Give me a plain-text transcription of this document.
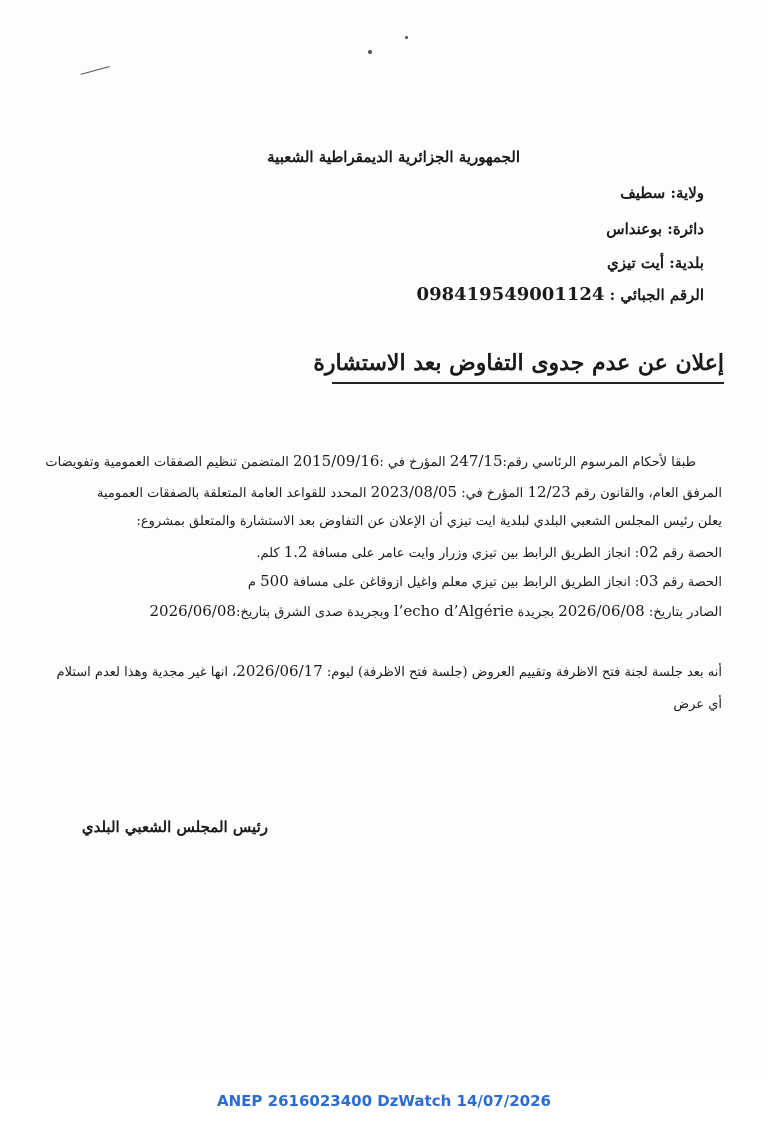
الجمهورية الجزائرية الديمقراطية الشعبية
ولاية: سطيف
دائرة: بوعنداس
بلدية: أيت تيزي
الرقم الجبائي : 098419549001124
إعلان عن عدم جدوى التفاوض بعد الاستشارة
طبقا لأحكام المرسوم الرئاسي رقم:247/15 المؤرخ في :2015/09/16 المتضمن تنظيم الصفقات العمومية وتفويضات
المرفق العام، والقانون رقم 12/23 المؤرخ في: 2023/08/05 المحدد للقواعد العامة المتعلقة بالصفقات العمومية
يعلن رئيس المجلس الشعبي البلدي لبلدية ايت تيزي أن الإعلان عن التفاوض بعد الاستشارة والمتعلق بمشروع:
الحصة رقم 02: انجاز الطريق الرابط بين تيزي وزرار وايت عامر على مسافة 1.2 كلم.
الحصة رقم 03: انجاز الطريق الرابط بين تيزي معلم واغيل ازوقاغن على مسافة 500 م
الصادر بتاريخ: 2026/06/08 بجريدة l’echo d’Algérie وبجريدة صدى الشرق بتاريخ:2026/06/08
أنه بعد جلسة لجنة فتح الاظرفة وتقييم العروض (جلسة فتح الاظرفة) ليوم: 2026/06/17، انها غير مجدية وهذا لعدم استلام
أي عرض
رئيس المجلس الشعبي البلدي
ANEP 2616023400 DzWatch 14/07/2026
